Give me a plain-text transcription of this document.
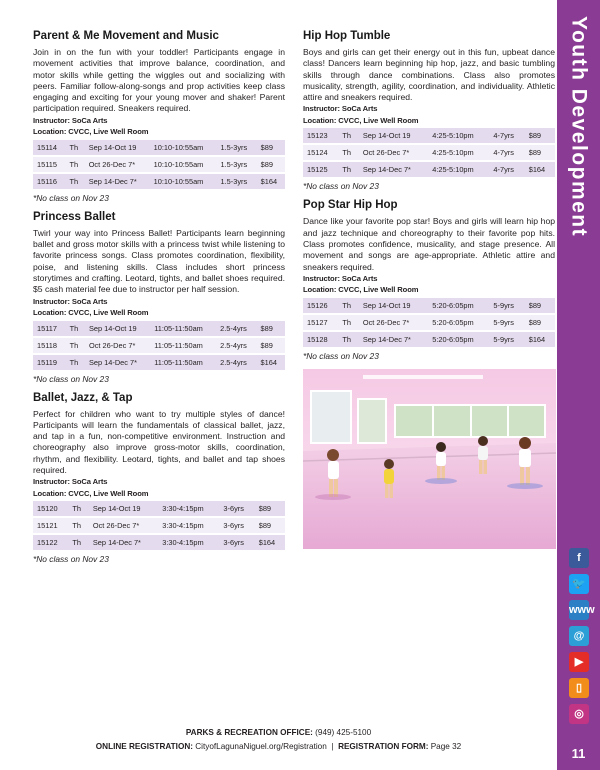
Parent & Me Movement and Music

Join in on the fun with your toddler! Participants engage in movement activities that improve balance, coordination, and motor skills while getting the wiggles out and socializing with peers. Familiar follow-along-songs and prop activities keep class engaging and exciting for your young mover and shaker! Parent participation required. Sneakers required.

Instructor: SoCa Arts
Location: CVCC, Live Well Room
15114	Th	Sep 14-Oct 19	10:10-10:55am	1.5-3yrs	$89
15115	Th	Oct 26-Dec 7*	10:10-10:55am	1.5-3yrs	$89
15116	Th	Sep 14-Dec 7*	10:10-10:55am	1.5-3yrs	$164
*No class on Nov 23
Princess Ballet

Twirl your way into Princess Ballet! Participants learn beginning ballet and gross motor skills with a princess twist while listening to favorite princess songs. Class promotes coordination, flexibility, poise, and listening skills. Class includes short princess storytimes and crafting. Leotard, tights, and ballet shoes required. $5 cash material fee due to instructor per half session.

Instructor: SoCa Arts
Location: CVCC, Live Well Room
15117	Th	Sep 14-Oct 19	11:05-11:50am	2.5-4yrs	$89
15118	Th	Oct 26-Dec 7*	11:05-11:50am	2.5-4yrs	$89
15119	Th	Sep 14-Dec 7*	11:05-11:50am	2.5-4yrs	$164
*No class on Nov 23
Ballet, Jazz, & Tap

Perfect for children who want to try multiple styles of dance! Participants will learn the fundamentals of classical ballet, jazz, and tap in a fun, non-competitive environment. Instruction and choreography also improve gross-motor skills, coordination, rhythm, and flexibility. Leotard, tights, and ballet and tap shoes required.

Instructor: SoCa Arts
Location: CVCC, Live Well Room
15120	Th	Sep 14-Oct 19	3:30-4:15pm	3-6yrs	$89
15121	Th	Oct 26-Dec 7*	3:30-4:15pm	3-6yrs	$89
15122	Th	Sep 14-Dec 7*	3:30-4:15pm	3-6yrs	$164
*No class on Nov 23
Hip Hop Tumble

Boys and girls can get their energy out in this fun, upbeat dance class! Dancers learn beginning hip hop, jazz, and basic tumbling skills through dance combinations. Class also promotes musicality, strength, agility, coordination, and individuality. Athletic attire and sneakers required.

Instructor: SoCa Arts
Location: CVCC, Live Well Room
15123	Th	Sep 14-Oct 19	4:25-5:10pm	4-7yrs	$89
15124	Th	Oct 26-Dec 7*	4:25-5:10pm	4-7yrs	$89
15125	Th	Sep 14-Dec 7*	4:25-5:10pm	4-7yrs	$164
*No class on Nov 23
Pop Star Hip Hop

Dance like your favorite pop star! Boys and girls will learn hip hop and jazz technique and choreography to their favorite pop hits. Class promotes confidence, musicality, and stage presence. All movement and songs are age-appropriate. Athletic attire and sneakers required.

Instructor: SoCa Arts
Location: CVCC, Live Well Room
15126	Th	Sep 14-Oct 19	5:20-6:05pm	5-9yrs	$89
15127	Th	Oct 26-Dec 7*	5:20-6:05pm	5-9yrs	$89
15128	Th	Sep 14-Dec 7*	5:20-6:05pm	5-9yrs	$164
*No class on Nov 23
Youth Development
f
🐦
www
@
▶
▯
◎
11
PARKS & RECREATION OFFICE: (949) 425-5100
ONLINE REGISTRATION: CityofLagunaNiguel.org/Registration | REGISTRATION FORM: Page 32
